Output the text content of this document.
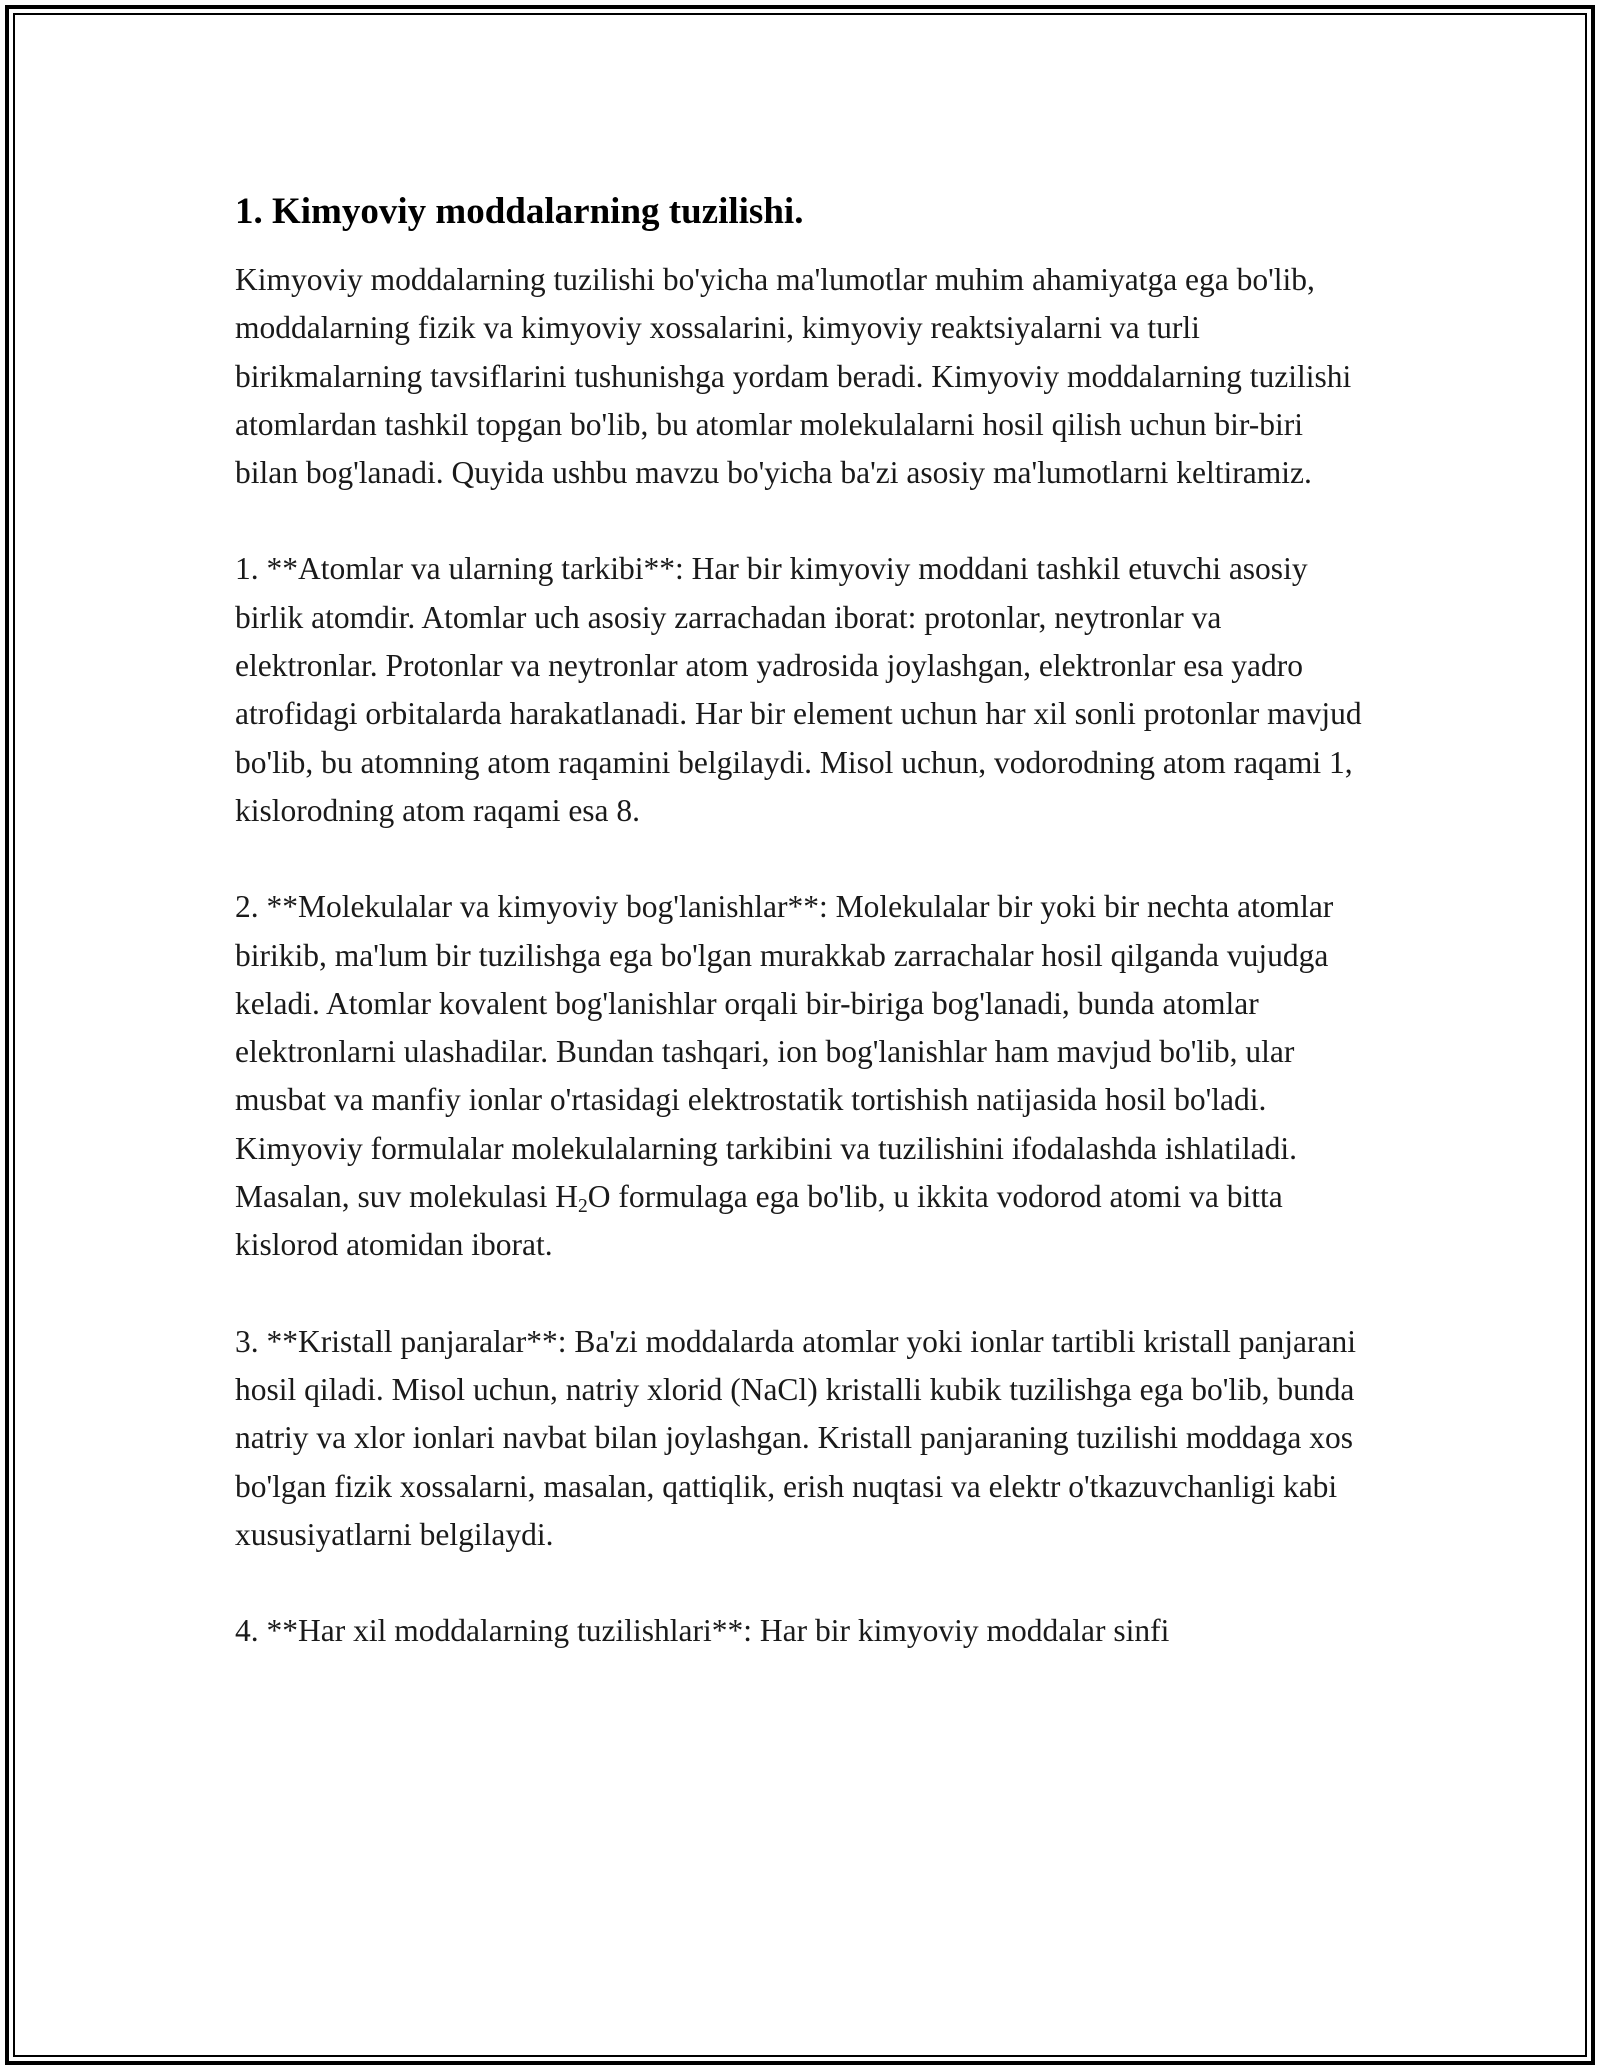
1. Kimyoviy moddalarning tuzilishi.

Kimyoviy moddalarning tuzilishi bo'yicha ma'lumotlar muhim ahamiyatga ega bo'lib, moddalarning fizik va kimyoviy xossalarini, kimyoviy reaktsiyalarni va turli birikmalarning tavsiflarini tushunishga yordam beradi. Kimyoviy moddalarning tuzilishi atomlardan tashkil topgan bo'lib, bu atomlar molekulalarni hosil qilish uchun bir-biri bilan bog'lanadi. Quyida ushbu mavzu bo'yicha ba'zi asosiy ma'lumotlarni keltiramiz.

1. **Atomlar va ularning tarkibi**: Har bir kimyoviy moddani tashkil etuvchi asosiy birlik atomdir. Atomlar uch asosiy zarrachadan iborat: protonlar, neytronlar va elektronlar. Protonlar va neytronlar atom yadrosida joylashgan, elektronlar esa yadro atrofidagi orbitalarda harakatlanadi. Har bir element uchun har xil sonli protonlar mavjud bo'lib, bu atomning atom raqamini belgilaydi. Misol uchun, vodorodning atom raqami 1, kislorodning atom raqami esa 8.

2. **Molekulalar va kimyoviy bog'lanishlar**: Molekulalar bir yoki bir nechta atomlar birikib, ma'lum bir tuzilishga ega bo'lgan murakkab zarrachalar hosil qilganda vujudga keladi. Atomlar kovalent bog'lanishlar orqali bir-biriga bog'lanadi, bunda atomlar elektronlarni ulashadilar. Bundan tashqari, ion bog'lanishlar ham mavjud bo'lib, ular musbat va manfiy ionlar o'rtasidagi elektrostatik tortishish natijasida hosil bo'ladi. Kimyoviy formulalar molekulalarning tarkibini va tuzilishini ifodalashda ishlatiladi. Masalan, suv molekulasi $H_2O$ formulaga ega bo'lib, u ikkita vodorod atomi va bitta kislorod atomidan iborat.

3. **Kristall panjaralar**: Ba'zi moddalarda atomlar yoki ionlar tartibli kristall panjarani hosil qiladi. Misol uchun, natriy xlorid (NaCl) kristalli kubik tuzilishga ega bo'lib, bunda natriy va xlor ionlari navbat bilan joylashgan. Kristall panjaraning tuzilishi moddaga xos bo'lgan fizik xossalarni, masalan, qattiqlik, erish nuqtasi va elektr o'tkazuvchanligi kabi xususiyatlarni belgilaydi.

4. **Har xil moddalarning tuzilishlari**: Har bir kimyoviy moddalar sinfi
